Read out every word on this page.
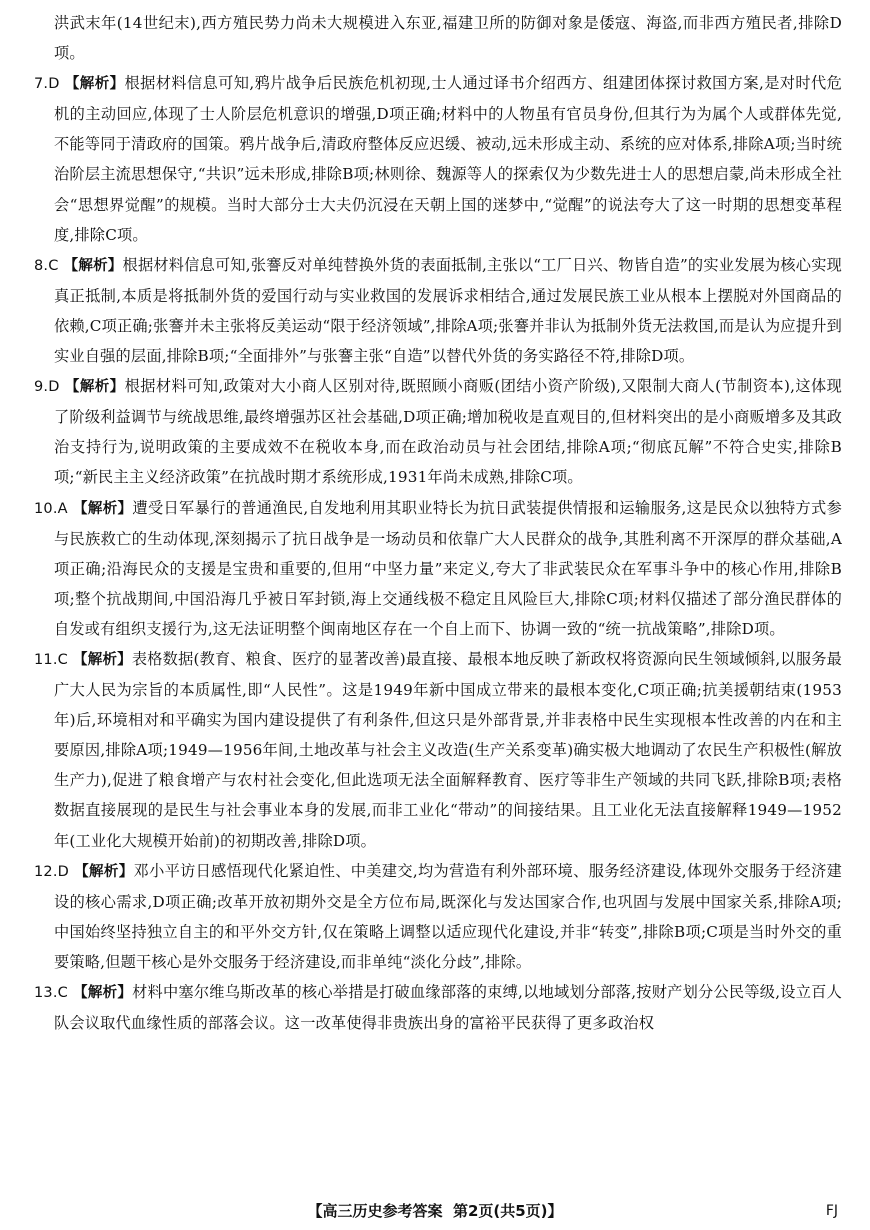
洪武末年(14世纪末),西方殖民势力尚未大规模进入东亚,福建卫所的防御对象是倭寇、海盗,而非西方殖民者,排除D项。

7.D 【解析】根据材料信息可知,鸦片战争后民族危机初现,士人通过译书介绍西方、组建团体探讨救国方案,是对时代危机的主动回应,体现了士人阶层危机意识的增强,D项正确;材料中的人物虽有官员身份,但其行为为属个人或群体先觉,不能等同于清政府的国策。鸦片战争后,清政府整体反应迟缓、被动,远未形成主动、系统的应对体系,排除A项;当时统治阶层主流思想保守,“共识”远未形成,排除B项;林则徐、魏源等人的探索仅为少数先进士人的思想启蒙,尚未形成全社会“思想界觉醒”的规模。当时大部分士大夫仍沉浸在天朝上国的迷梦中,“觉醒”的说法夸大了这一时期的思想变革程度,排除C项。
8.C 【解析】根据材料信息可知,张謇反对单纯替换外货的表面抵制,主张以“工厂日兴、物皆自造”的实业发展为核心实现真正抵制,本质是将抵制外货的爱国行动与实业救国的发展诉求相结合,通过发展民族工业从根本上摆脱对外国商品的依赖,C项正确;张謇并未主张将反美运动“限于经济领域”,排除A项;张謇并非认为抵制外货无法救国,而是认为应提升到实业自强的层面,排除B项;“全面排外”与张謇主张“自造”以替代外货的务实路径不符,排除D项。
9.D 【解析】根据材料可知,政策对大小商人区别对待,既照顾小商贩(团结小资产阶级),又限制大商人(节制资本),这体现了阶级利益调节与统战思维,最终增强苏区社会基础,D项正确;增加税收是直观目的,但材料突出的是小商贩增多及其政治支持行为,说明政策的主要成效不在税收本身,而在政治动员与社会团结,排除A项;“彻底瓦解”不符合史实,排除B项;“新民主主义经济政策”在抗战时期才系统形成,1931年尚未成熟,排除C项。
10.A 【解析】遭受日军暴行的普通渔民,自发地利用其职业特长为抗日武装提供情报和运输服务,这是民众以独特方式参与民族救亡的生动体现,深刻揭示了抗日战争是一场动员和依靠广大人民群众的战争,其胜利离不开深厚的群众基础,A项正确;沿海民众的支援是宝贵和重要的,但用“中坚力量”来定义,夸大了非武装民众在军事斗争中的核心作用,排除B项;整个抗战期间,中国沿海几乎被日军封锁,海上交通线极不稳定且风险巨大,排除C项;材料仅描述了部分渔民群体的自发或有组织支援行为,这无法证明整个闽南地区存在一个自上而下、协调一致的“统一抗战策略”,排除D项。
11.C 【解析】表格数据(教育、粮食、医疗的显著改善)最直接、最根本地反映了新政权将资源向民生领域倾斜,以服务最广大人民为宗旨的本质属性,即“人民性”。这是1949年新中国成立带来的最根本变化,C项正确;抗美援朝结束(1953年)后,环境相对和平确实为国内建设提供了有利条件,但这只是外部背景,并非表格中民生实现根本性改善的内在和主要原因,排除A项;1949—1956年间,土地改革与社会主义改造(生产关系变革)确实极大地调动了农民生产积极性(解放生产力),促进了粮食增产与农村社会变化,但此选项无法全面解释教育、医疗等非生产领域的共同飞跃,排除B项;表格数据直接展现的是民生与社会事业本身的发展,而非工业化“带动”的间接结果。且工业化无法直接解释1949—1952年(工业化大规模开始前)的初期改善,排除D项。
12.D 【解析】邓小平访日感悟现代化紧迫性、中美建交,均为营造有利外部环境、服务经济建设,体现外交服务于经济建设的核心需求,D项正确;改革开放初期外交是全方位布局,既深化与发达国家合作,也巩固与发展中国家关系,排除A项;中国始终坚持独立自主的和平外交方针,仅在策略上调整以适应现代化建设,并非“转变”,排除B项;C项是当时外交的重要策略,但题干核心是外交服务于经济建设,而非单纯“淡化分歧”,排除。
13.C 【解析】材料中塞尔维乌斯改革的核心举措是打破血缘部落的束缚,以地域划分部落,按财产划分公民等级,设立百人队会议取代血缘性质的部落会议。这一改革使得非贵族出身的富裕平民获得了更多政治权
【高三历史参考答案 第2页(共5页)】	FJ
